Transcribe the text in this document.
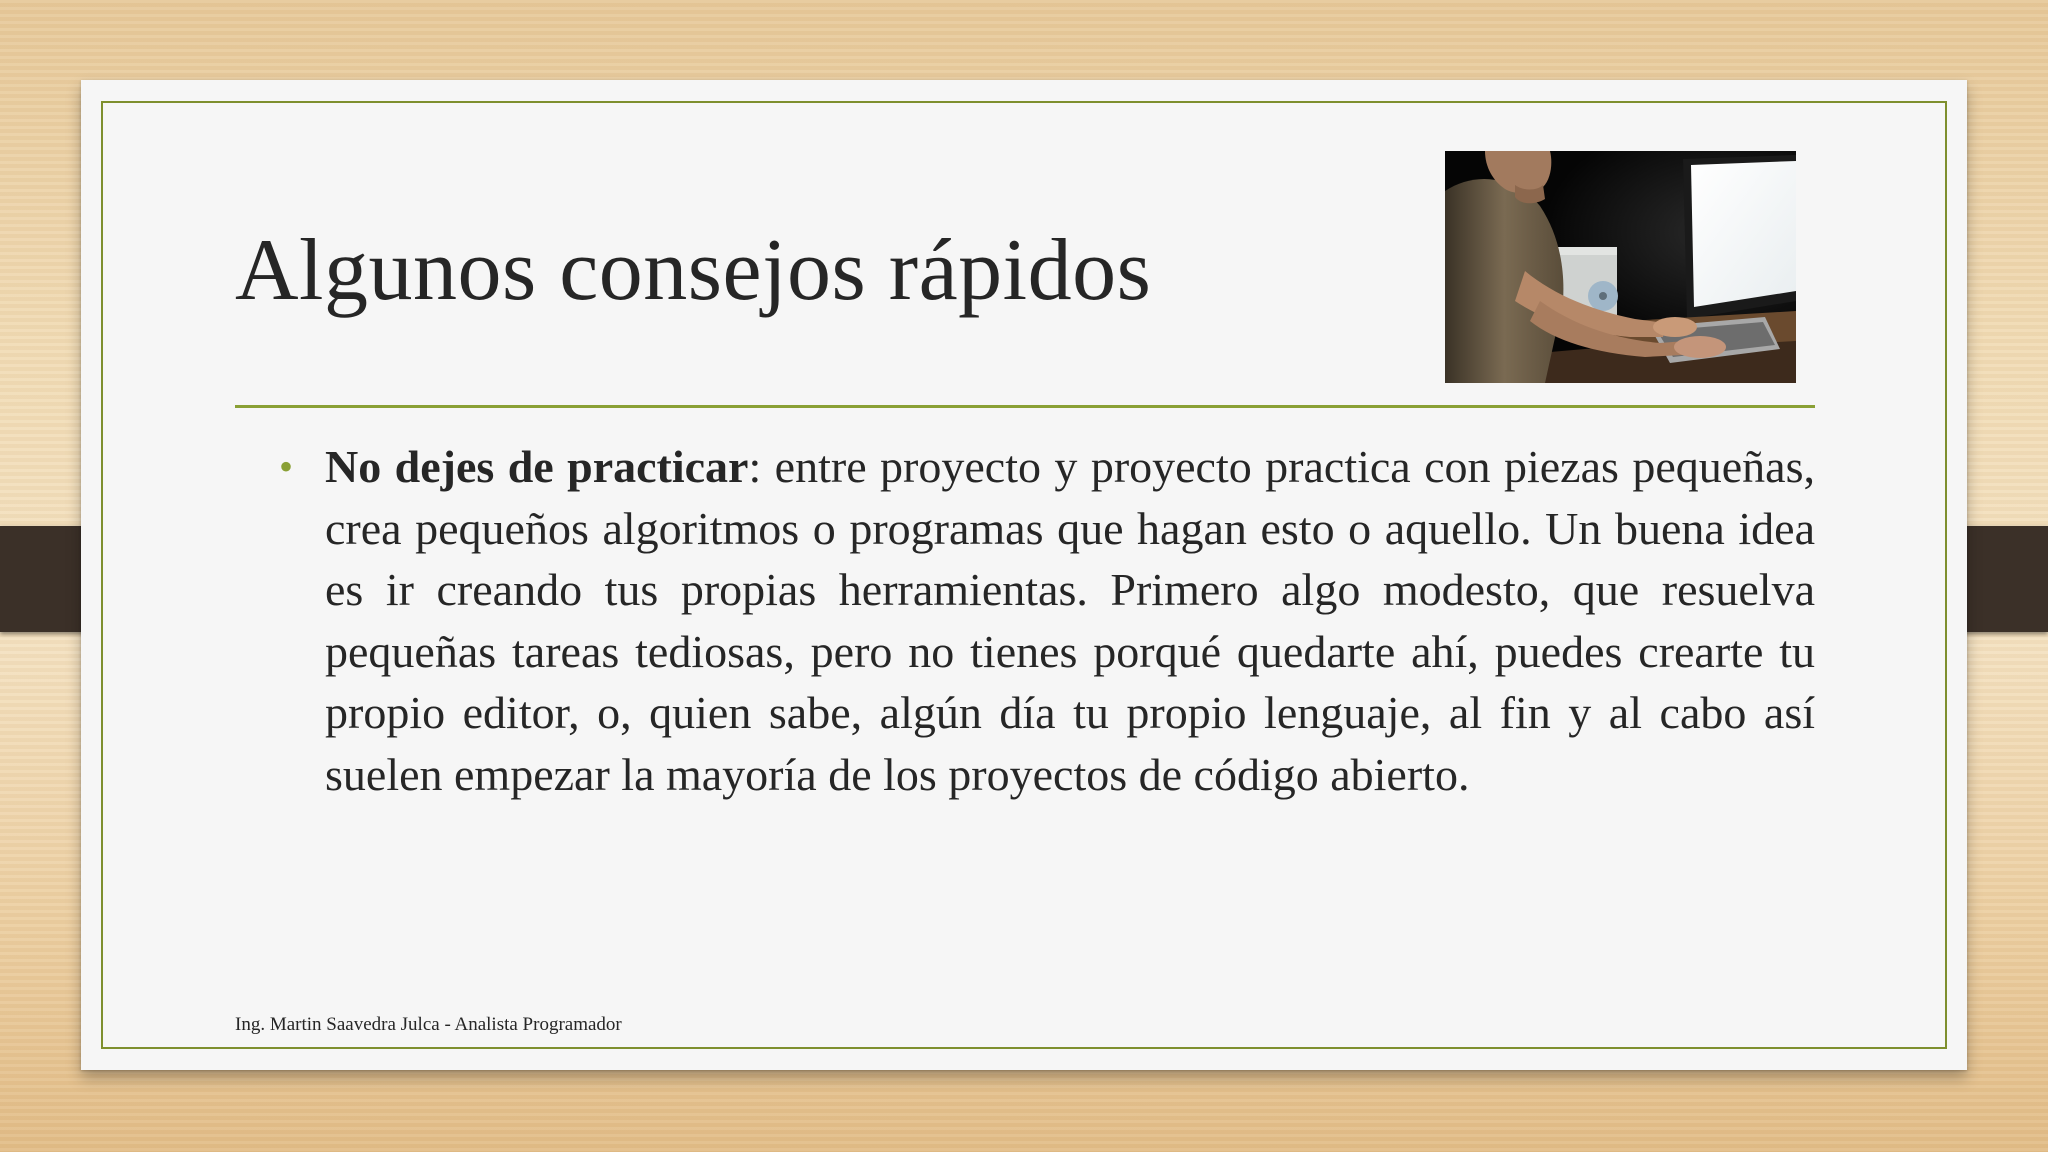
Algunos consejos rápidos
• No dejes de practicar: entre proyecto y proyecto practica con piezas pequeñas, crea pequeños algoritmos o programas que hagan esto o aquello. Un buena idea es ir creando tus propias herramientas. Primero algo modesto, que resuelva pequeñas tareas tediosas, pero no tienes porqué quedarte ahí, puedes crearte tu propio editor, o, quien sabe, algún día tu propio lenguaje, al fin y al cabo así suelen empezar la mayoría de los proyectos de código abierto.

Ing. Martin Saavedra Julca - Analista Programador
